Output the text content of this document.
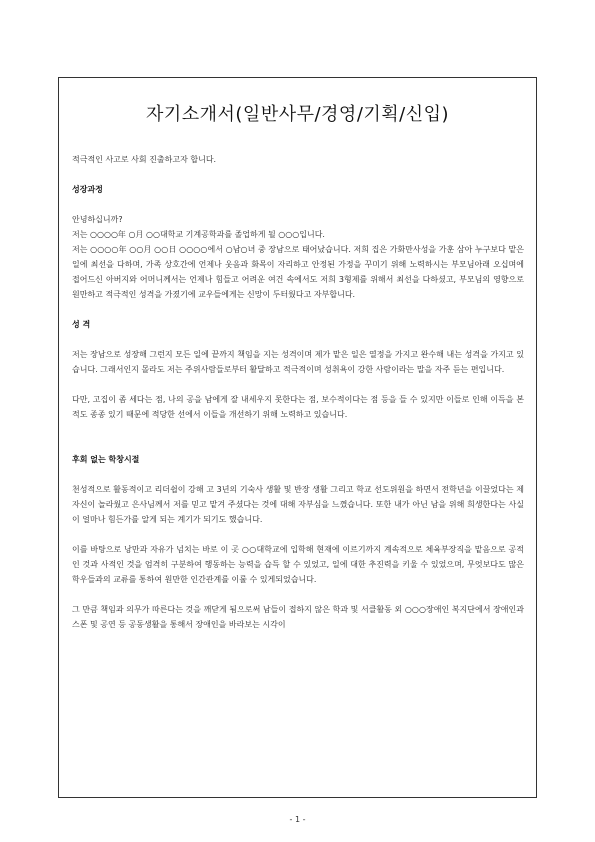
자기소개서(일반사무/경영/기획/신입)

적극적인 사고로 사회 진출하고자 합니다.

성장과정

안녕하십니까?
저는 ○○○○年 ○月 ○○대학교 기계공학과를 졸업하게 될 ○○○입니다.
저는 ○○○○年 ○○月 ○○日 ○○○○에서 ○남○녀 중 장남으로 태어났습니다. 저희 집은 가화만사성을 가훈 삼아 누구보다 맡은 일에 최선을 다하며, 가족 상호간에 언제나 웃음과 화목이 자리하고 안정된 가정을 꾸미기 위해 노력하시는 부모님아래 오십며에 접어드신 아버지와 어머니께서는 언제나 힘들고 어려운 여건 속에서도 저희 3형제를 위해서 최선을 다하셨고, 부모님의 영향으로 원만하고 적극적인 성격을 가졌기에 교우들에게는 신망이 두터웠다고 자부합니다.

성 격

저는 장남으로 성장해 그런지 모든 일에 끝까지 책임을 지는 성격이며 제가 맡은 일은 열정을 가지고 완수해 내는 성격을 가지고 있습니다. 그래서인지 몰라도 저는 주위사람들로부터 활달하고 적극적이며 성취욕이 강한 사람이라는 말을 자주 듣는 편입니다.

다만, 고집이 좀 세다는 점, 나의 공을 남에게 잘 내세우지 못한다는 점, 보수적이다는 점 등을 들 수 있지만 이들로 인해 이득을 본적도 종종 있기 때문에 적당한 선에서 이들을 개선하기 위해 노력하고 있습니다.

후회 없는 학창시절

천성적으로 활동적이고 리더쉽이 강해 고 3년의 기숙사 생활 및 반장 생활 그리고 학교 선도위원을 하면서 전학년을 이끌었다는 제 자신이 놀라웠고 은사님께서 저를 믿고 맡겨 주셨다는 것에 대해 자부심을 느꼈습니다. 또한 내가 아닌 남을 위해 희생한다는 사실이 얼마나 힘든가를 알게 되는 계기가 되기도 했습니다.

이를 바탕으로 낭만과 자유가 넘치는 바로 이 곳 ○○대학교에 입학해 현재에 이르기까지 계속적으로 체육부장직을 맡음으로 공적인 것과 사적인 것을 엄격히 구분하여 행동하는 능력을 습득 할 수 있었고, 일에 대한 추진력을 키울 수 있었으며, 무엇보다도 많은 학우들과의 교류를 통하여 원만한 인간관계를 이룰 수 있게되었습니다.

그 만큼 책임과 의무가 따른다는 것을 깨닫게 됨으로써 남들이 접하지 않은 학과 및 서클활동 외 ○○○장애인 복지단에서 장애인과 스폰 및 공연 등 공동생활을 통해서 장애인을 바라보는 시각이

- 1 -
